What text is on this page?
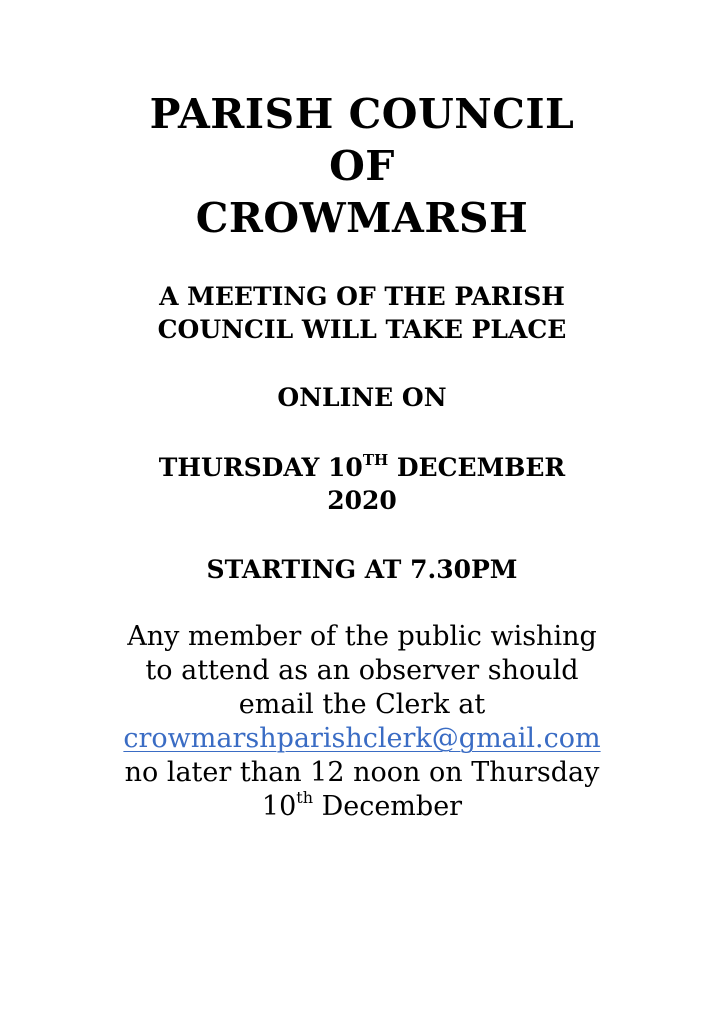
PARISH COUNCIL
OF
CROWMARSH
A MEETING OF THE PARISH
COUNCIL WILL TAKE PLACE
ONLINE ON
THURSDAY 10TH DECEMBER
2020
STARTING AT 7.30PM
Any member of the public wishing
to attend as an observer should
email the Clerk at
crowmarshparishclerk@gmail.com
no later than 12 noon on Thursday
10th December
